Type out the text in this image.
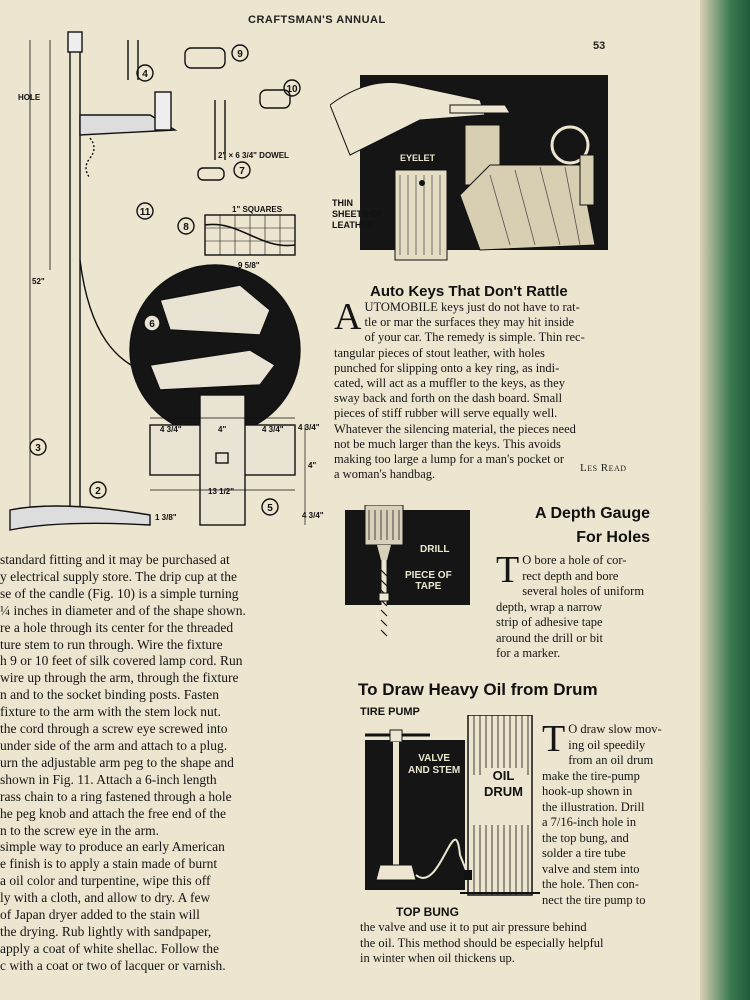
CRAFTSMAN'S ANNUAL
53
4
9
10
7
11
8
6
3
2
5
HOLE
2" × 6 3/4" DOWEL
1" SQUARES
52"
9 5/8"
4 3/4"	4"	4 3/4" 4 3/4"
4"
13 1/2"
4 3/4"
1 3/8"
EYELET
THIN
SHEETS OF
LEATHER
Auto Keys That Don't Rattle
A UTOMOBILE keys just do not have to rat-
tle or mar the surfaces they may hit inside
of your car. The remedy is simple. Thin rec-
tangular pieces of stout leather, with holes
punched for slipping onto a key ring, as indi-
cated, will act as a muffler to the keys, as they
sway back and forth on the dash board. Small
pieces of stiff rubber will serve equally well.
Whatever the silencing material, the pieces need
not be much larger than the keys. This avoids
making too large a lump for a man's pocket or
a woman's handbag.	Les Read
DRILL
PIECE OF
TAPE
A Depth Gauge
For Holes
T O bore a hole of cor-
rect depth and bore
several holes of uniform
depth, wrap a narrow
strip of adhesive tape
around the drill or bit
for a marker.
To Draw Heavy Oil from Drum
TIRE PUMP
VALVE
AND STEM	OIL
DRUM
TOP BUNG
T O draw slow mov-
ing oil speedily
from an oil drum
make the tire-pump
hook-up shown in
the illustration. Drill
a 7/16-inch hole in
the top bung, and
solder a tire tube
valve and stem into
the hole. Then con-
nect the tire pump to
the valve and use it to put air pressure behind
the oil. This method should be especially helpful
in winter when oil thickens up.
standard fitting and it may be purchased at
y electrical supply store. The drip cup at the
se of the candle (Fig. 10) is a simple turning
¼ inches in diameter and of the shape shown.
re a hole through its center for the threaded
ture stem to run through. Wire the fixture
h 9 or 10 feet of silk covered lamp cord. Run
wire up through the arm, through the fixture
n and to the socket binding posts. Fasten
fixture to the arm with the stem lock nut.
the cord through a screw eye screwed into
under side of the arm and attach to a plug.
urn the adjustable arm peg to the shape and
shown in Fig. 11. Attach a 6-inch length
rass chain to a ring fastened through a hole
he peg knob and attach the free end of the
n to the screw eye in the arm.
simple way to produce an early American
e finish is to apply a stain made of burnt
a oil color and turpentine, wipe this off
ly with a cloth, and allow to dry. A few
of Japan dryer added to the stain will
the drying. Rub lightly with sandpaper,
apply a coat of white shellac. Follow the
c with a coat or two of lacquer or varnish.
